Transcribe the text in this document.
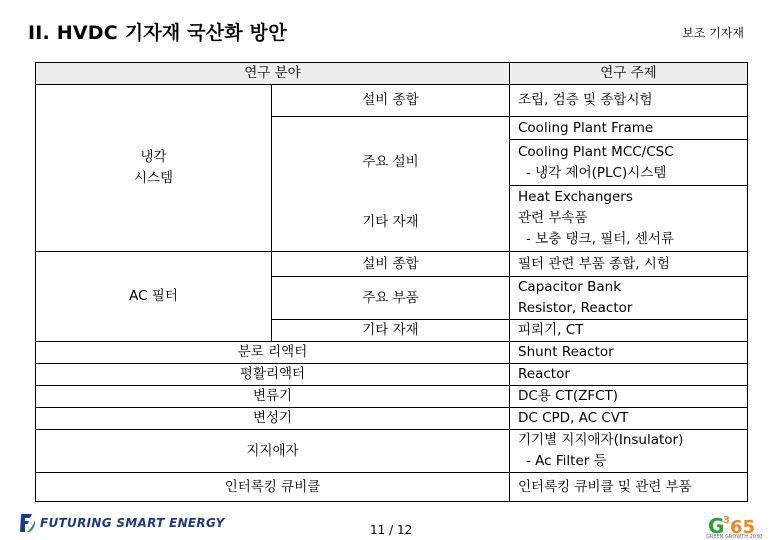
II. HVDC 기자재 국산화 방안	보조 기자재
연구 분야		연구 주제

냉각
시스템	설비 종합	조립, 검증 및 종합시험
		Cooling Plant Frame
	주요 설비	Cooling Plant MCC/CSC
- 냉각 제어(PLC)시스템

	기타 자재	Heat Exchangers
관련 부속품
- 보충 탱크, 필터, 센서류

AC 필터	설비 종합	필터 관련 부품 종합, 시험
	주요 부품	Capacitor Bank
Resistor, Reactor

	기타 자재	피뢰기, CT
분로 리액터		Shunt Reactor
평활리액터		Reactor
변류기		DC용 CT(ZFCT)
변성기		DC CPD, AC CVT
지지애자		기기별 지지애자(Insulator)
- Ac Filter 등

인터록킹 큐비클		인터록킹 큐비클 및 관련 부품
FUTURING SMART ENERGY	11 / 12	G
3 65
GREEN GROWTH 2030
